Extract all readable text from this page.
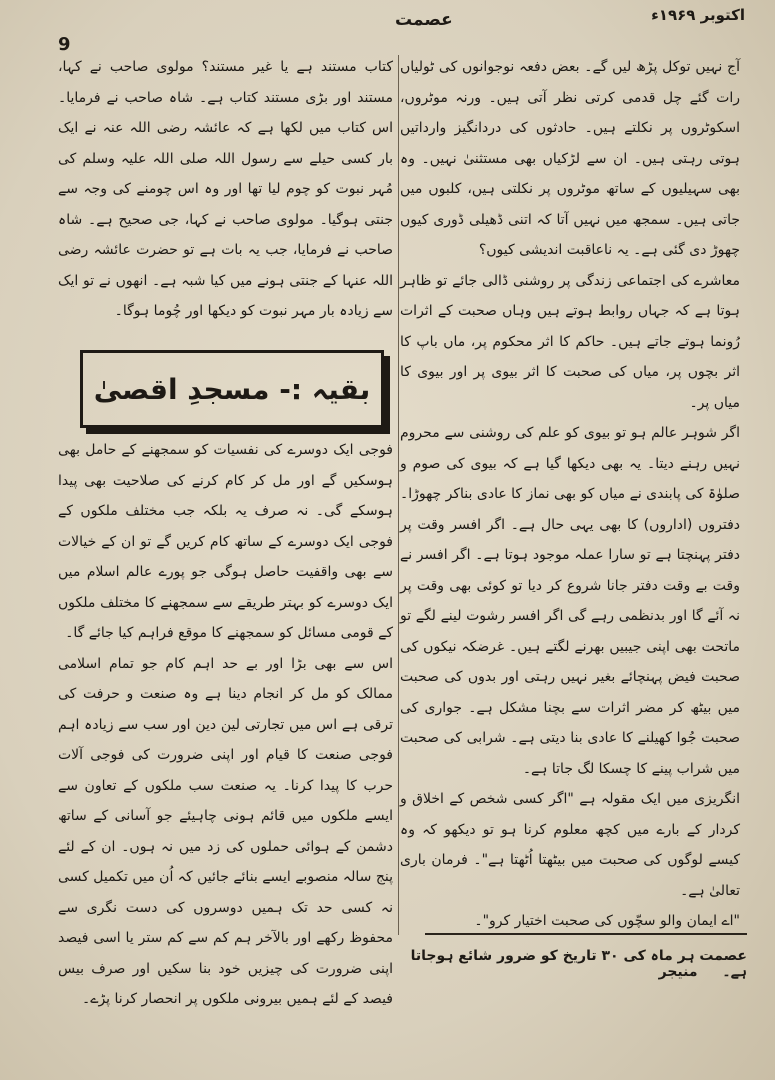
اکتوبر ۱۹۶۹ء
عصمت
9

آج نہیں توکل پڑھ لیں گے۔ بعض دفعہ نوجوانوں کی ٹولیاں رات گئے چل قدمی کرتی نظر آتی ہیں۔ ورنہ موٹروں، اسکوٹروں پر نکلتے ہیں۔ حادثوں کی دردانگیز وارداتیں ہوتی رہتی ہیں۔ ان سے لڑکیاں بھی مستثنیٰ نہیں۔ وہ بھی سہیلیوں کے ساتھ موٹروں پر نکلتی ہیں، کلبوں میں جاتی ہیں۔ سمجھ میں نہیں آتا کہ اتنی ڈھیلی ڈوری کیوں چھوڑ دی گئی ہے۔ یہ ناعاقبت اندیشی کیوں؟

معاشرے کی اجتماعی زندگی پر روشنی ڈالی جائے تو ظاہر ہوتا ہے کہ جہاں روابط ہوتے ہیں وہاں صحبت کے اثرات رُونما ہوتے جاتے ہیں۔ حاکم کا اثر محکوم پر، ماں باپ کا اثر بچوں پر، میاں کی صحبت کا اثر بیوی پر اور بیوی کا میاں پر۔

اگر شوہر عالم ہو تو بیوی کو علم کی روشنی سے محروم نہیں رہنے دیتا۔ یہ بھی دیکھا گیا ہے کہ بیوی کی صوم و صلوٰۃ کی پابندی نے میاں کو بھی نماز کا عادی بناکر چھوڑا۔ دفتروں (اداروں) کا بھی یہی حال ہے۔ اگر افسر وقت پر دفتر پہنچتا ہے تو سارا عملہ موجود ہوتا ہے۔ اگر افسر نے وقت بے وقت دفتر جانا شروع کر دیا تو کوئی بھی وقت پر نہ آئے گا اور بدنظمی رہے گی اگر افسر رشوت لینے لگے تو ماتحت بھی اپنی جیبیں بھرنے لگتے ہیں۔ غرضکہ نیکوں کی صحبت فیض پہنچائے بغیر نہیں رہتی اور بدوں کی صحبت میں بیٹھ کر مضر اثرات سے بچنا مشکل ہے۔ جواری کی صحبت جُوا کھیلنے کا عادی بنا دیتی ہے۔ شرابی کی صحبت میں شراب پینے کا چسکا لگ جاتا ہے۔

انگریزی میں ایک مقولہ ہے "اگر کسی شخص کے اخلاق و کردار کے بارے میں کچھ معلوم کرنا ہو تو دیکھو کہ وہ کیسے لوگوں کی صحبت میں بیٹھتا اُٹھتا ہے"۔ فرمان باری تعالیٰ ہے۔

"اے ایمان والو سچّوں کی صحبت اختیار کرو"۔

کتاب مستند ہے یا غیر مستند؟ مولوی صاحب نے کہا، مستند اور بڑی مستند کتاب ہے۔ شاہ صاحب نے فرمایا۔ اس کتاب میں لکھا ہے کہ عائشہ رضی اللہ عنہ نے ایک بار کسی حیلے سے رسول اللہ صلی اللہ علیہ وسلم کی مُہر نبوت کو چوم لیا تھا اور وہ اس چومنے کی وجہ سے جنتی ہوگیا۔ مولوی صاحب نے کہا، جی صحیح ہے۔ شاہ صاحب نے فرمایا، جب یہ بات ہے تو حضرت عائشہ رضی اللہ عنہا کے جنتی ہونے میں کیا شبہ ہے۔ انھوں نے تو ایک سے زیادہ بار مہر نبوت کو دیکھا اور چُوما ہوگا۔

بقیہ :- مسجدِ اقصیٰ

فوجی ایک دوسرے کی نفسیات کو سمجھنے کے حامل بھی ہوسکیں گے اور مل کر کام کرنے کی صلاحیت بھی پیدا ہوسکے گی۔ نہ صرف یہ بلکہ جب مختلف ملکوں کے فوجی ایک دوسرے کے ساتھ کام کریں گے تو ان کے خیالات سے بھی واقفیت حاصل ہوگی جو پورے عالم اسلام میں ایک دوسرے کو بہتر طریقے سے سمجھنے کا مختلف ملکوں کے قومی مسائل کو سمجھنے کا موقع فراہم کیا جائے گا۔

اس سے بھی بڑا اور بے حد اہم کام جو تمام اسلامی ممالک کو مل کر انجام دینا ہے وہ صنعت و حرفت کی ترقی ہے اس میں تجارتی لین دین اور سب سے زیادہ اہم فوجی صنعت کا قیام اور اپنی ضرورت کی فوجی آلات حرب کا پیدا کرنا۔ یہ صنعت سب ملکوں کے تعاون سے ایسے ملکوں میں قائم ہونی چاہیئے جو آسانی کے ساتھ دشمن کے ہوائی حملوں کی زد میں نہ ہوں۔ ان کے لئے پنج سالہ منصوبے ایسے بنائے جائیں کہ اُن میں تکمیل کسی نہ کسی حد تک ہمیں دوسروں کی دست نگری سے محفوظ رکھے اور بالآخر ہم کم سے کم ستر یا اسی فیصد اپنی ضرورت کی چیزیں خود بنا سکیں اور صرف بیس فیصد کے لئے ہمیں بیرونی ملکوں پر انحصار کرنا پڑے۔

عصمت ہر ماہ کی ۳۰ تاریخ کو ضرور شائع ہوجاتا ہے۔ منیجر
